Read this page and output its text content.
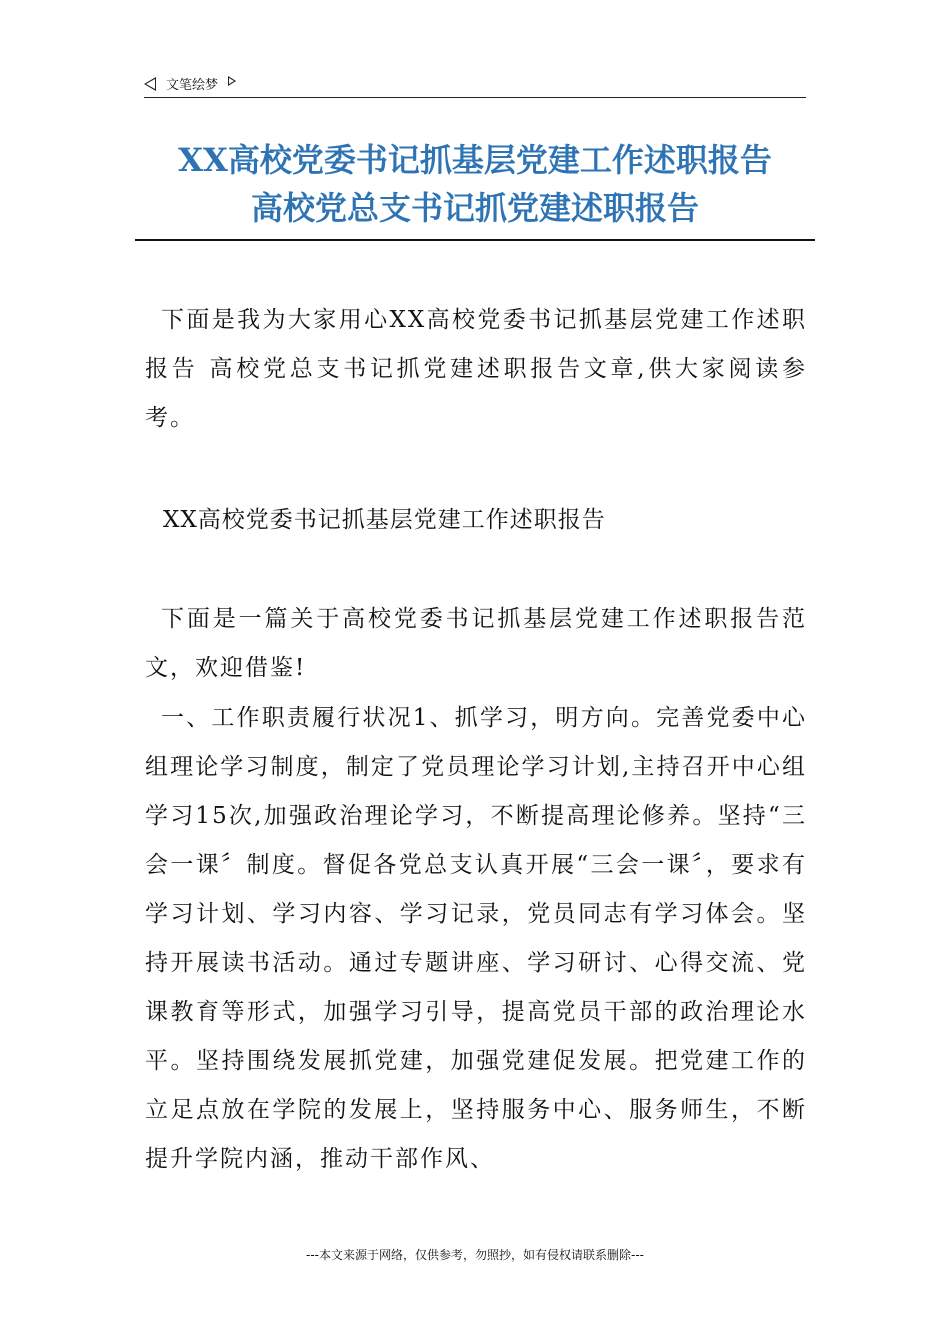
文笔绘梦
XX高校党委书记抓基层党建工作述职报告
高校党总支书记抓党建述职报告
下面是我为大家用心XX高校党委书记抓基层党建工作述职报告 高校党总支书记抓党建述职报告文章,供大家阅读参考。
XX高校党委书记抓基层党建工作述职报告
下面是一篇关于高校党委书记抓基层党建工作述职报告范文，欢迎借鉴!
一、工作职责履行状况1、抓学习，明方向。完善党委中心组理论学习制度，制定了党员理论学习计划,主持召开中心组学习15次,加强政治理论学习，不断提高理论修养。坚持“三会一课〞制度。督促各党总支认真开展“三会一课〞，要求有学习计划、学习内容、学习记录，党员同志有学习体会。坚持开展读书活动。通过专题讲座、学习研讨、心得交流、党课教育等形式，加强学习引导，提高党员干部的政治理论水平。坚持围绕发展抓党建，加强党建促发展。把党建工作的立足点放在学院的发展上，坚持服务中心、服务师生，不断提升学院内涵，推动干部作风、
---本文来源于网络，仅供参考，勿照抄，如有侵权请联系删除---
